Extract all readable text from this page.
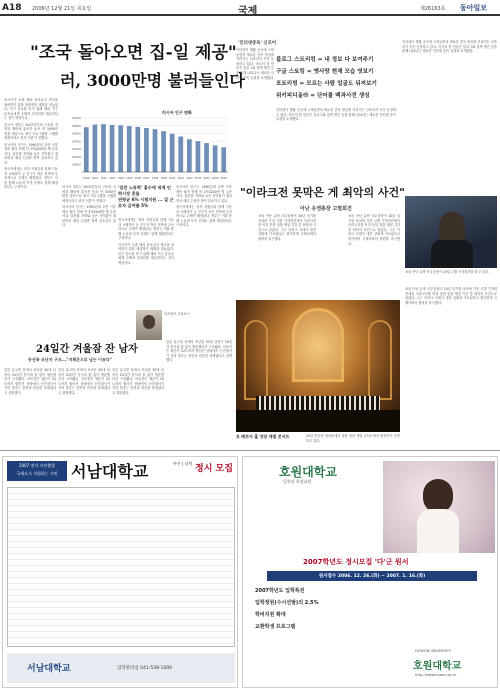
A18 2006년 12월 21일 목요일	국제	제26163호 동아일보
"조국 돌아오면 집-일 제공"
러, 3000만명 불러들인다

러시아가 오랜 해외 동포들의 귀국을 장려하기 위한 대대적인 계획을 내놓았다. 인구 감소를 막기 위해 해외 거주 동포들에게 주택과 일자리를 제공한다는 것이 핵심이다.

러시아 정부는 2007년부터 구소련 지역과 해외에 흩어진 동포 약 3000만 명을 대상으로 귀국 프로그램을 시행할 예정이라고 현지 언론이 전했다.

러시아의 인구는 1990년대 초반 이후 계속 줄어 현재 약 1억4200만 명 수준이다. 출산율 저하와 높은 사망률이 겹치면서 매년 수십만 명씩 감소하고 있다.

귀국자에게는 정착 지원금과 함께 극동과 시베리아 등 인구가 적은 지역에 우선적으로 주택이 배정된다. 정부는 이를 통해 노동력 부족 문제도 함께 해결한다는 구상이다.

러시아 인구 변화
15000
14800
14600
14400
14200
14000
13800
1990 1991 1992 1993 1994 1995 1996 1997 1998 1999 2000 2001 2002 2003 2004 2005 2006

러시아 정부는 2007년부터 구소련 지역과 해외에 흩어진 동포 약 3000만 명을 대상으로 귀국 프로그램을 시행할 예정이라고 현지 언론이 전했다.

러시아의 인구는 1990년대 초반 이후 계속 줄어 현재 약 1억4200만 명 수준이다. 출산율 저하와 높은 사망률이 겹치면서 매년 수십만 명씩 감소하고 있다.

'검찬 노동력' 흡수에 세계 인력시장 흔들
연평균 6% 시험지원 ... 걸 근로자 급여를 5%

귀국자에게는 정착 지원금과 함께 극동과 시베리아 등 인구가 적은 지역에 우선적으로 주택이 배정된다. 정부는 이를 통해 노동력 부족 문제도 함께 해결한다는 구상이다.

러시아가 오랜 해외 동포들의 귀국을 장려하기 위한 대대적인 계획을 내놓았다. 인구 감소를 막기 위해 해외 거주 동포들에게 주택과 일자리를 제공한다는 것이 핵심이다.

러시아의 인구는 1990년대 초반 이후 계속 줄어 현재 약 1억4200만 명 수준이다. 출산율 저하와 높은 사망률이 겹치면서 매년 수십만 명씩 감소하고 있다.

귀국자에게는 정착 지원금과 함께 극동과 시베리아 등 인구가 적은 지역에 우선적으로 주택이 배정된다. 정부는 이를 통해 노동력 부족 문제도 함께 해결한다는 구상이다.

'인터넷중독' 신조어
인터넷이 생활 곳곳에 스며들면서 새로운 중독 현상을 가리키는 신조어가 속속 등장하고 있다. 미국의 한 언론은 블로그와 검색 엔진 등을 통해 나타나는 새로운 인터넷 중독 유형을 소개했다.
블로그 스트리킹 = 내 정보 다 보여주기
구글 스토킹 = 옛사랑 현재 모습 엿보기
포토리빙 = 모르는 사람 얼굴도 뒤져보기
위키피디올라 = 단어를 백과사전 생성
인터넷이 생활 곳곳에 스며들면서 새로운 중독 현상을 가리키는 신조어가 속속 등장하고 있다. 미국의 한 언론은 블로그와 검색 엔진 등을 통해 나타나는 새로운 인터넷 중독 유형을 소개했다.
인터넷이 생활 곳곳에 스며들면서 새로운 중독 현상을 가리키는 신조어가 속속 등장하고 있다. 미국의 한 언론은 블로그와 검색 엔진 등을 통해 나타나는 새로운 인터넷 중독 유형을 소개했다.
"이라크전 못막은 게 최악의 사건"
아난 유엔총장 고별회견
코피 아난 유엔 사무총장이 10년 임기를 마치며 가진 고별 기자회견에서 이라크전을 막지 못한 것을 재임 기간 중 최악의 사건으로 꼽았다. 그는 이라크 사태가 내전 상황에 이르렀다고 평가하며 국제사회의 협력을 촉구했다.
코피 아난 유엔 사무총장이 10년 임기를 마치며 가진 고별 기자회견에서 이라크전을 막지 못한 것을 재임 기간 중 최악의 사건으로 꼽았다. 그는 이라크 사태가 내전 상황에 이르렀다고 평가하며 국제사회의 협력을 촉구했다.
코피 아난 유엔 사무총장이 19일 고별 기자회견을 하고 있다.
코피 아난 유엔 사무총장이 10년 임기를 마치며 가진 고별 기자회견에서 이라크전을 막지 못한 것을 재임 기간 중 최악의 사건으로 꼽았다. 그는 이라크 사태가 내전 상황에 이르렀다고 평가하며 국제사회의 협력을 촉구했다.
24일간 겨울잠 잔 남자
동산좌 조난자 구조..."저체온으로 남는 이유다"
미츠타카 우치코시
일본 효고현 산에서 조난된 30대 남성이 24일간 음식과 물 없이 생존했다가 구조됐다. 의료진은 체온이 22도까지 떨어진 상태에서 신진대사가 거의 멈추는 동면과 비슷한 상태였다고 설명했다.
일본 효고현 산에서 조난된 30대 남성이 24일간 음식과 물 없이 생존했다가 구조됐다. 의료진은 체온이 22도까지 떨어진 상태에서 신진대사가 거의 멈추는 동면과 비슷한 상태였다고 설명했다.
일본 효고현 산에서 조난된 30대 남성이 24일간 음식과 물 없이 생존했다가 구조됐다. 의료진은 체온이 22도까지 떨어진 상태에서 신진대사가 거의 멈추는 동면과 비슷한 상태였다고 설명했다.
일본 효고현 산에서 조난된 30대 남성이 24일간 음식과 물 없이 생존했다가 구조됐다. 의료진은 체온이 22도까지 떨어진 상태에서 신진대사가 거의 멈추는 동면과 비슷한 상태였다고 설명했다.
호 베르아 홀 성당 캐럴 콘서트	20일 런던의 대성당에서 열린 성탄 캐럴 콘서트에서 합창단이 공연하고 있다.
2007 전자 시민출발
국제도시 지원하는 시민 서남대학교	아산 | 남원
정시 모집
서남대학교	입학관리실 041-539-1000
호원대학교
입학과 학점교환
2007학년도 정시모집 '다'군 원서
원서접수 2006. 12. 26.(화) ~ 2007. 1. 16.(화)
2007학년도 입학특전
입학정원(수시선발)의 2.5%
학비지원 확대
교환학생 프로그램
호원대학교
HOWON UNIVERSITY
http://www.howon.ac.kr
